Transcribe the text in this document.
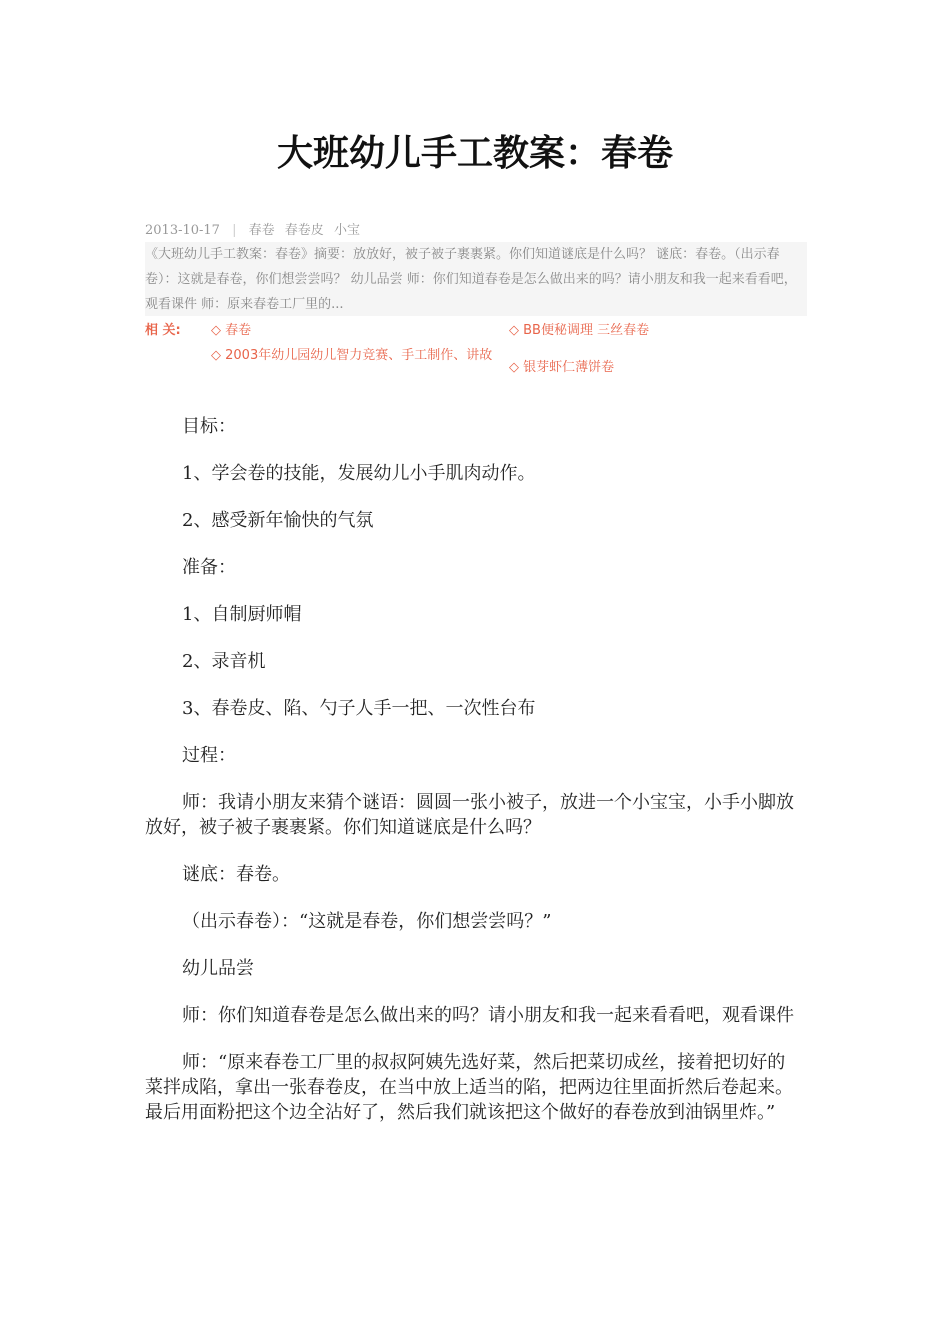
大班幼儿手工教案：春卷
2013-10-17 | 春卷 春卷皮 小宝
《大班幼儿手工教案：春卷》摘要：放放好，被子被子裹裹紧。你们知道谜底是什么吗？ 谜底：春卷。（出示春卷）：这就是春卷，你们想尝尝吗？ 幼儿品尝 师：你们知道春卷是怎么做出来的吗？请小朋友和我一起来看看吧，观看课件 师：原来春卷工厂里的...
相 关: ◇ 春卷
◇ 2003年幼儿园幼儿智力竞赛、手工制作、讲故
◇ BB便秘调理 三丝春卷
◇ 银芽虾仁薄饼卷

目标：

1、学会卷的技能，发展幼儿小手肌肉动作。

2、感受新年愉快的气氛

准备：

1、自制厨师帽

2、录音机

3、春卷皮、陷、勺子人手一把、一次性台布

过程：

师：我请小朋友来猜个谜语：圆圆一张小被子，放进一个小宝宝，小手小脚放放好，被子被子裹裹紧。你们知道谜底是什么吗？

谜底：春卷。

（出示春卷）：“这就是春卷，你们想尝尝吗？”

幼儿品尝

师：你们知道春卷是怎么做出来的吗？请小朋友和我一起来看看吧，观看课件

师：“原来春卷工厂里的叔叔阿姨先选好菜，然后把菜切成丝，接着把切好的菜拌成陷，拿出一张春卷皮，在当中放上适当的陷，把两边往里面折然后卷起来。最后用面粉把这个边全沾好了，然后我们就该把这个做好的春卷放到油锅里炸。”
